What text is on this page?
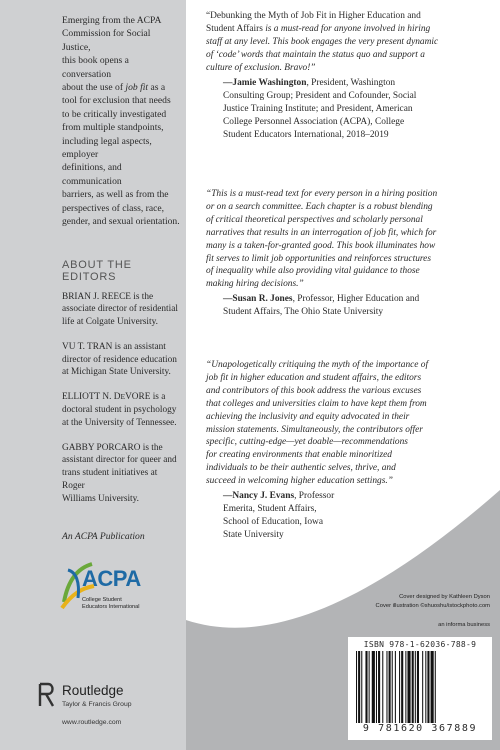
Emerging from the ACPA
Commission for Social Justice,
this book opens a conversation
about the use of job fit as a
tool for exclusion that needs
to be critically investigated
from multiple standpoints,
including legal aspects, employer
definitions, and communication
barriers, as well as from the
perspectives of class, race,
gender, and sexual orientation.

ABOUT THE EDITORS

BRIAN J. REECE is the
associate director of residential
life at Colgate University.

VU T. TRAN is an assistant
director of residence education
at Michigan State University.

ELLIOTT N. DEVORE is a
doctoral student in psychology
at the University of Tennessee.

GABBY PORCARO is the
assistant director for queer and
trans student initiatives at Roger
Williams University.

An ACPA Publication
ACPA
College Student
Educators International
“Debunking the Myth of Job Fit in Higher Education and
Student Affairs is a must-read for anyone involved in hiring
staff at any level. This book engages the very present dynamic
of ‘code’ words that maintain the status quo and support a
culture of exclusion. Bravo!”
—Jamie Washington, President, Washington
Consulting Group; President and Cofounder, Social
Justice Training Institute; and President, American
College Personnel Association (ACPA), College
Student Educators International, 2018–2019
“This is a must-read text for every person in a hiring position
or on a search committee. Each chapter is a robust blending
of critical theoretical perspectives and scholarly personal
narratives that results in an interrogation of job fit, which for
many is a taken-for-granted good. This book illuminates how
fit serves to limit job opportunities and reinforces structures
of inequality while also providing vital guidance to those
making hiring decisions.”
—Susan R. Jones, Professor, Higher Education and
Student Affairs, The Ohio State University
“Unapologetically critiquing the myth of the importance of
job fit in higher education and student affairs, the editors
and contributors of this book address the various excuses
that colleges and universities claim to have kept them from
achieving the inclusivity and equity advocated in their
mission statements. Simultaneously, the contributors offer
specific, cutting-edge—yet doable—recommendations
for creating environments that enable minoritized
individuals to be their authentic selves, thrive, and
succeed in welcoming higher education settings.”
—Nancy J. Evans, Professor
Emerita, Student Affairs,
School of Education, Iowa
State University
Cover designed by Kathleen Dyson
Cover illustration ©shuoshu/istockphoto.com
an informa business
ISBN 978-1-62036-788-9
9 781620 367889
Routledge
Taylor & Francis Group
www.routledge.com
